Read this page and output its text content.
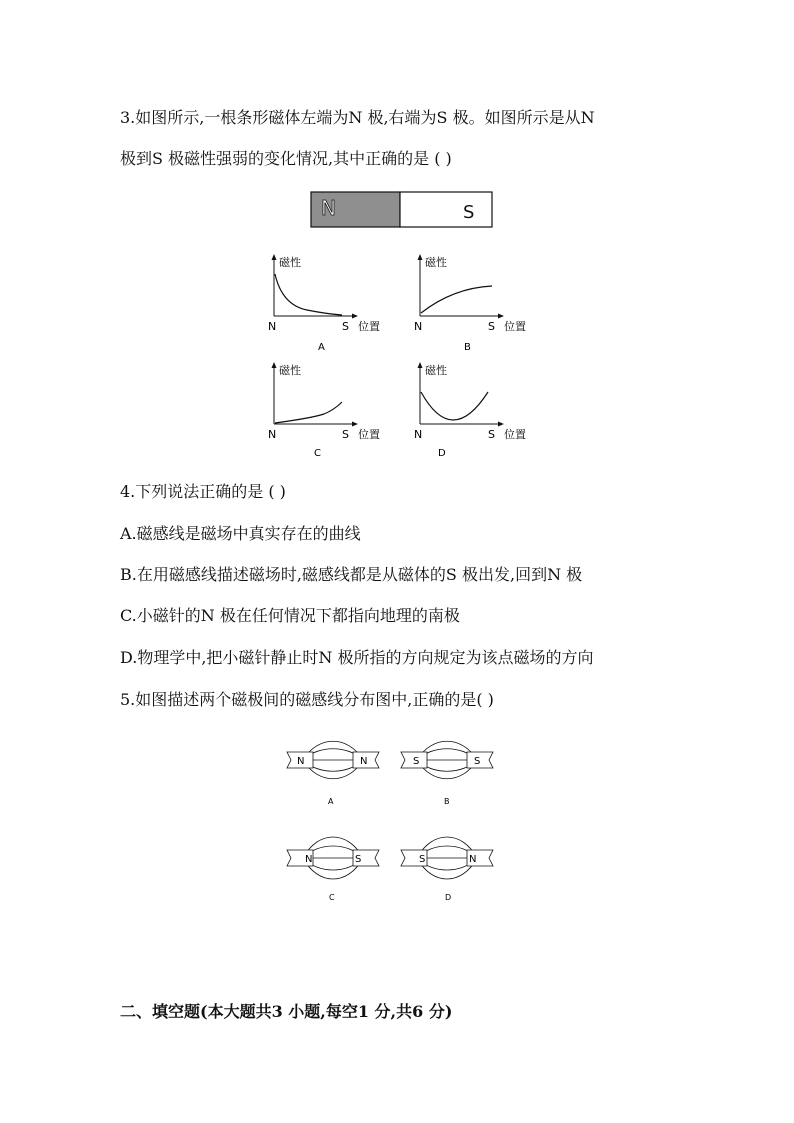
3.如图所示,一根条形磁体左端为N 极,右端为S 极。如图所示是从N
极到S 极磁性强弱的变化情况,其中正确的是 ( )
N	S
磁性
N	S 位置
A
磁性
N	S 位置
B
磁性
N	S 位置
C
磁性
N	S 位置
D
4.下列说法正确的是 ( )
A.磁感线是磁场中真实存在的曲线
B.在用磁感线描述磁场时,磁感线都是从磁体的S 极出发,回到N 极
C.小磁针的N 极在任何情况下都指向地理的南极
D.物理学中,把小磁针静止时N 极所指的方向规定为该点磁场的方向
5.如图描述两个磁极间的磁感线分布图中,正确的是( )
N	N
A
S	S
B
N	S
C
S	N
D
二、填空题(本大题共3 小题,每空1 分,共6 分)
